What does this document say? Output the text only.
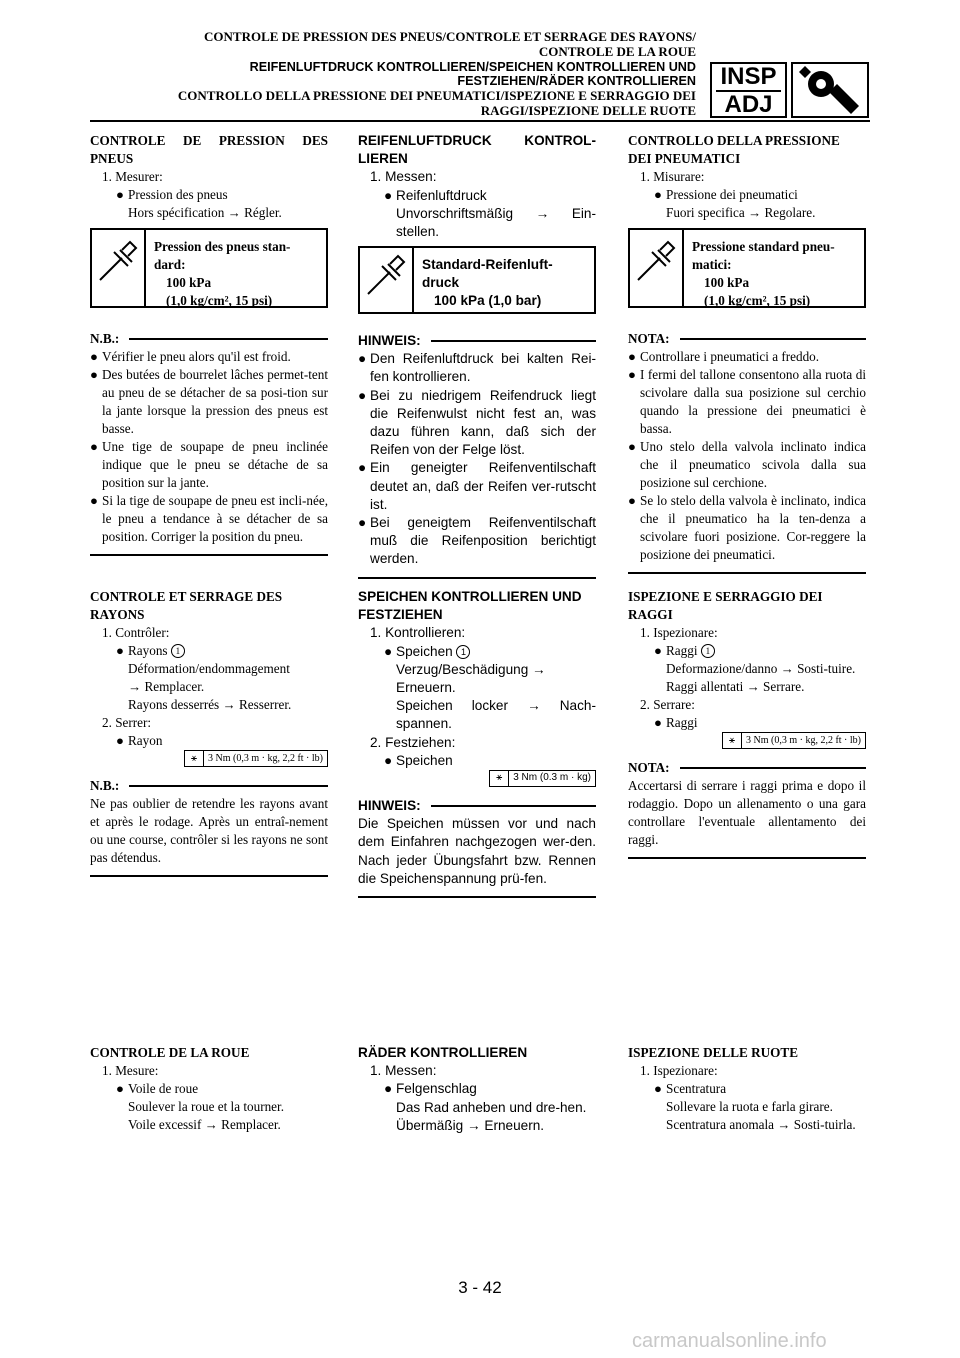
CONTROLE DE PRESSION DES PNEUS/CONTROLE ET SERRAGE DES RAYONS/
CONTROLE DE LA ROUE
REIFENLUFTDRUCK KONTROLLIEREN/SPEICHEN KONTROLLIEREN UND
FESTZIEHEN/RÄDER KONTROLLIEREN
CONTROLLO DELLA PRESSIONE DEI PNEUMATICI/ISPEZIONE E SERRAGGIO DEI
RAGGI/ISPEZIONE DELLE RUOTE
INSP
ADJ
CONTROLE DE PRESSION DES PNEUS
1. Mesurer:
● Pression des pneus
Hors spécification → Régler.
Pression des pneus stan-dard:
100 kPa
(1,0 kg/cm², 15 psi)
N.B.:
● Vérifier le pneu alors qu'il est froid.
● Des butées de bourrelet lâches permet-tent au pneu de se détacher de sa posi-tion sur la jante lorsque la pression des pneus est basse.
● Une tige de soupape de pneu inclinée indique que le pneu se détache de sa position sur la jante.
● Si la tige de soupape de pneu est incli-née, le pneu a tendance à se détacher de sa position. Corriger la position du pneu.
CONTROLE ET SERRAGE DES RAYONS
1. Contrôler:
● Rayons 1
Déformation/endommagement
→ Remplacer.
Rayons desserrés → Resserrer.
2. Serrer:
● Rayon
⚹	3 Nm (0,3 m · kg, 2,2 ft · lb)
N.B.:
Ne pas oublier de retendre les rayons avant et après le rodage. Après un entraî-nement ou une course, contrôler si les rayons ne sont pas détendus.
CONTROLE DE LA ROUE
1. Mesure:
● Voile de roue
Soulever la roue et la tourner.
Voile excessif → Remplacer.
REIFENLUFTDRUCK KONTROL-LIEREN
1. Messen:
● Reifenluftdruck
Unvorschriftsmäßig → Ein-stellen.
Standard-Reifenluft-druck
100 kPa (1,0 bar)
HINWEIS:
● Den Reifenluftdruck bei kalten Rei-fen kontrollieren.
● Bei zu niedrigem Reifendruck liegt die Reifenwulst nicht fest an, was dazu führen kann, daß sich der Reifen von der Felge löst.
● Ein geneigter Reifenventilschaft deutet an, daß der Reifen ver-rutscht ist.
● Bei geneigtem Reifenventilschaft muß die Reifenposition berichtigt werden.
SPEICHEN KONTROLLIEREN UND FESTZIEHEN
1. Kontrollieren:
● Speichen 1
Verzug/Beschädigung →
Erneuern.
Speichen locker → Nach-spannen.
2. Festziehen:
● Speichen
⚹	3 Nm (0.3 m · kg)
HINWEIS:
Die Speichen müssen vor und nach dem Einfahren nachgezogen wer-den. Nach jeder Übungsfahrt bzw. Rennen die Speichenspannung prü-fen.
RÄDER KONTROLLIEREN
1. Messen:
● Felgenschlag
Das Rad anheben und dre-hen.
Übermäßig → Erneuern.
CONTROLLO DELLA PRESSIONE DEI PNEUMATICI
1. Misurare:
● Pressione dei pneumatici
Fuori specifica → Regolare.
Pressione standard pneu-matici:
100 kPa
(1,0 kg/cm², 15 psi)
NOTA:
● Controllare i pneumatici a freddo.
● I fermi del tallone consentono alla ruota di scivolare dalla sua posizione sul cerchio quando la pressione dei pneumatici è bassa.
● Uno stelo della valvola inclinato indica che il pneumatico scivola dalla sua posizione sul cerchione.
● Se lo stelo della valvola è inclinato, indica che il pneumatico ha la ten-denza a scivolare fuori posizione. Cor-reggere la posizione dei pneumatici.
ISPEZIONE E SERRAGGIO DEI RAGGI
1. Ispezionare:
● Raggi 1
Deformazione/danno → Sosti-tuire.
Raggi allentati → Serrare.
2. Serrare:
● Raggi
⚹	3 Nm (0,3 m · kg, 2,2 ft · lb)
NOTA:
Accertarsi di serrare i raggi prima e dopo il rodaggio. Dopo un allenamento o una gara controllare l'eventuale allentamento dei raggi.
ISPEZIONE DELLE RUOTE
1. Ispezionare:
● Scentratura
Sollevare la ruota e farla girare.
Scentratura anomala → Sosti-tuirla.
3 - 42
carmanualsonline.info
